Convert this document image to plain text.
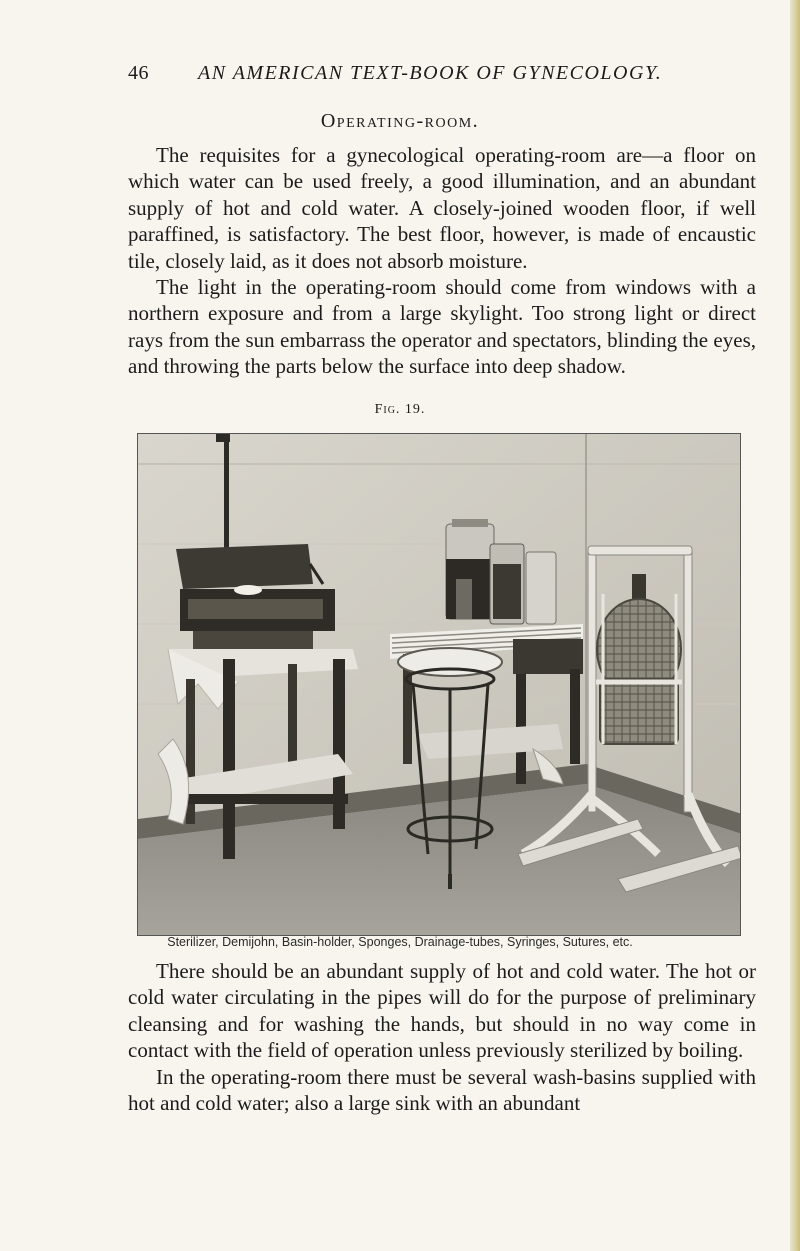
46 AN AMERICAN TEXT-BOOK OF GYNECOLOGY.
Operating-room.

The requisites for a gynecological operating-room are—a floor on which water can be used freely, a good illumination, and an abundant supply of hot and cold water. A closely-joined wooden floor, if well paraffined, is satisfactory. The best floor, however, is made of encaustic tile, closely laid, as it does not absorb moisture.

The light in the operating-room should come from windows with a northern exposure and from a large skylight. Too strong light or direct rays from the sun embarrass the operator and spectators, blinding the eyes, and throwing the parts below the surface into deep shadow.

Fig. 19.
Sterilizer, Demijohn, Basin-holder, Sponges, Drainage-tubes, Syringes, Sutures, etc.

There should be an abundant supply of hot and cold water. The hot or cold water circulating in the pipes will do for the purpose of preliminary cleansing and for washing the hands, but should in no way come in contact with the field of operation unless previously sterilized by boiling.

In the operating-room there must be several wash-basins supplied with hot and cold water; also a large sink with an abundant
